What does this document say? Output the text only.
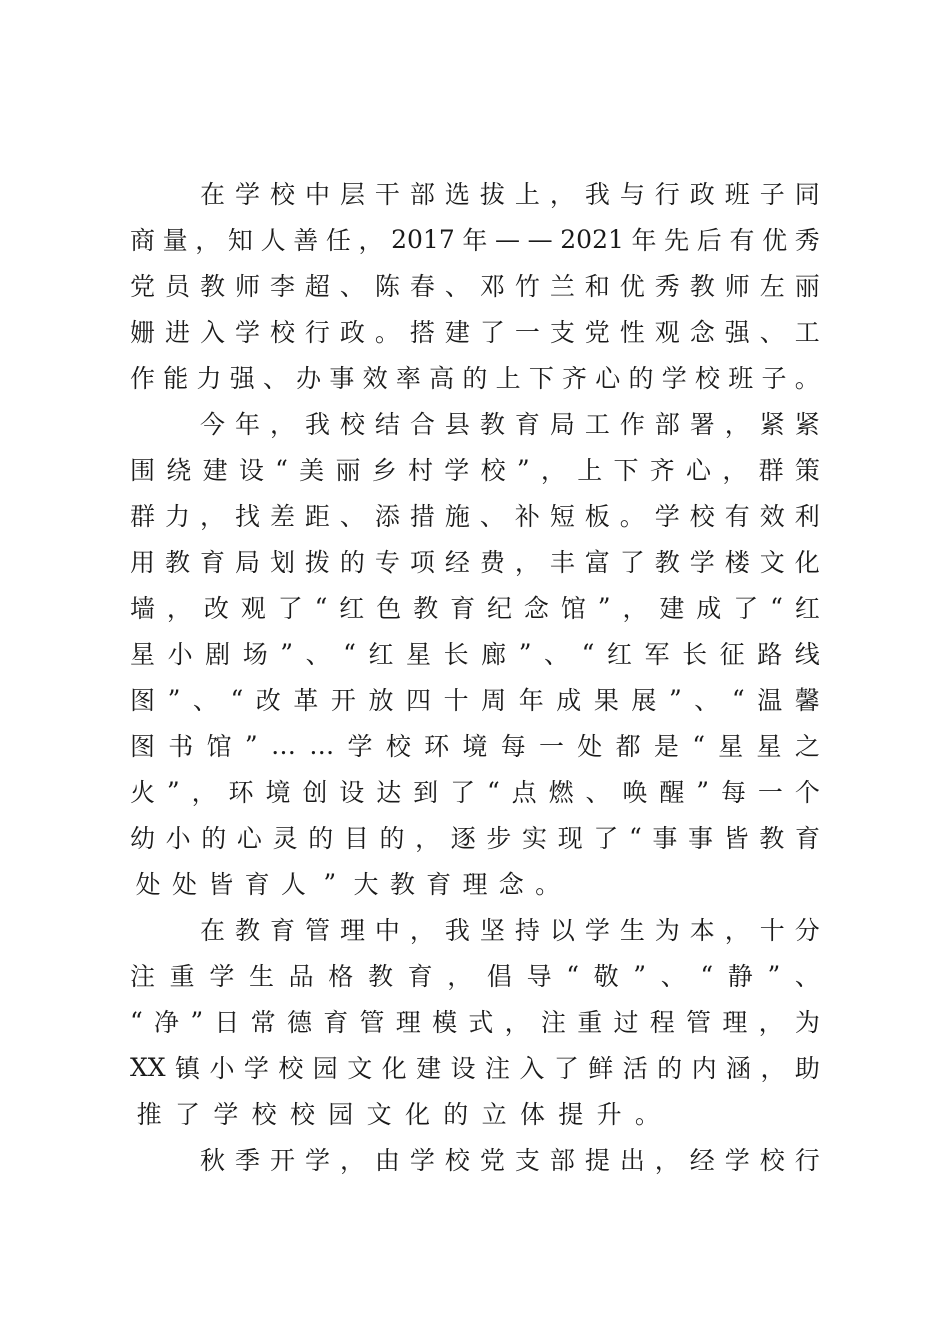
在 学 校 中 层 干 部 选 拔 上 ， 我 与 行 政 班 子 同
商 量 ， 知 人 善 任 ， 2017 年 — — 2021 年 先 后 有 优 秀
党 员 教 师 李 超 、 陈 春 、 邓 竹 兰 和 优 秀 教 师 左 丽
姗 进 入 学 校 行 政 。 搭 建 了 一 支 党 性 观 念 强 、 工
作 能 力 强 、 办 事 效 率 高 的 上 下 齐 心 的 学 校 班 子 。
今 年 ， 我 校 结 合 县 教 育 局 工 作 部 署 ， 紧 紧
围 绕 建 设 “ 美 丽 乡 村 学 校 ” ， 上 下 齐 心 ， 群 策
群 力 ， 找 差 距 、 添 措 施 、 补 短 板 。 学 校 有 效 利
用 教 育 局 划 拨 的 专 项 经 费 ， 丰 富 了 教 学 楼 文 化
墙 ， 改 观 了 “ 红 色 教 育 纪 念 馆 ” ， 建 成 了 “ 红
星 小 剧 场 ” 、 “ 红 星 长 廊 ” 、 “ 红 军 长 征 路 线
图 ” 、 “ 改 革 开 放 四 十 周 年 成 果 展 ” 、 “ 温 馨
图 书 馆 ” … … 学 校 环 境 每 一 处 都 是 “ 星 星 之
火 ” ， 环 境 创 设 达 到 了 “ 点 燃 、 唤 醒 ” 每 一 个
幼 小 的 心 灵 的 目 的 ， 逐 步 实 现 了 “ 事 事 皆 教 育
处 处 皆 育 人 ” 大 教 育 理 念 。
在 教 育 管 理 中 ， 我 坚 持 以 学 生 为 本 ， 十 分
注 重 学 生 品 格 教 育 ， 倡 导 “ 敬 ” 、 “ 静 ” 、
“ 净 ” 日 常 德 育 管 理 模 式 ， 注 重 过 程 管 理 ， 为
XX 镇 小 学 校 园 文 化 建 设 注 入 了 鲜 活 的 内 涵 ， 助
推 了 学 校 校 园 文 化 的 立 体 提 升 。
秋 季 开 学 ， 由 学 校 党 支 部 提 出 ， 经 学 校 行
